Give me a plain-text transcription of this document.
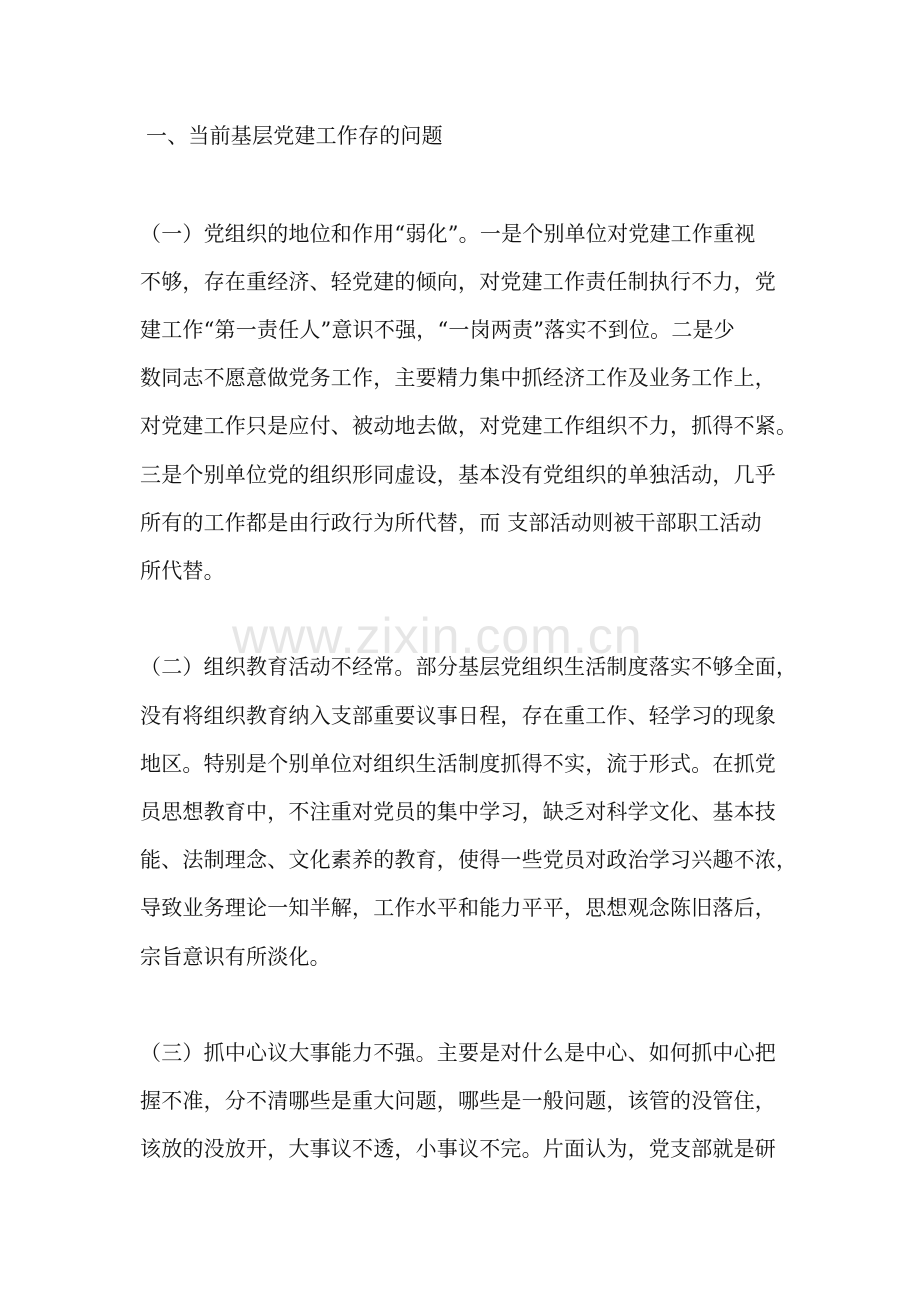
www.zixin.com.cn
一、当前基层党建工作存的问题
（一）党组织的地位和作用“弱化”。一是个别单位对党建工作重视
不够，存在重经济、轻党建的倾向，对党建工作责任制执行不力，党
建工作“第一责任人”意识不强，“一岗两责”落实不到位。二是少
数同志不愿意做党务工作，主要精力集中抓经济工作及业务工作上，
对党建工作只是应付、被动地去做，对党建工作组织不力，抓得不紧。
三是个别单位党的组织形同虚设，基本没有党组织的单独活动，几乎
所有的工作都是由行政行为所代替，而 支部活动则被干部职工活动
所代替。
（二）组织教育活动不经常。部分基层党组织生活制度落实不够全面，
没有将组织教育纳入支部重要议事日程，存在重工作、轻学习的现象
地区。特别是个别单位对组织生活制度抓得不实，流于形式。在抓党
员思想教育中，不注重对党员的集中学习，缺乏对科学文化、基本技
能、法制理念、文化素养的教育，使得一些党员对政治学习兴趣不浓，
导致业务理论一知半解，工作水平和能力平平，思想观念陈旧落后，
宗旨意识有所淡化。
（三）抓中心议大事能力不强。主要是对什么是中心、如何抓中心把
握不准，分不清哪些是重大问题，哪些是一般问题，该管的没管住，
该放的没放开，大事议不透，小事议不完。片面认为，党支部就是研
